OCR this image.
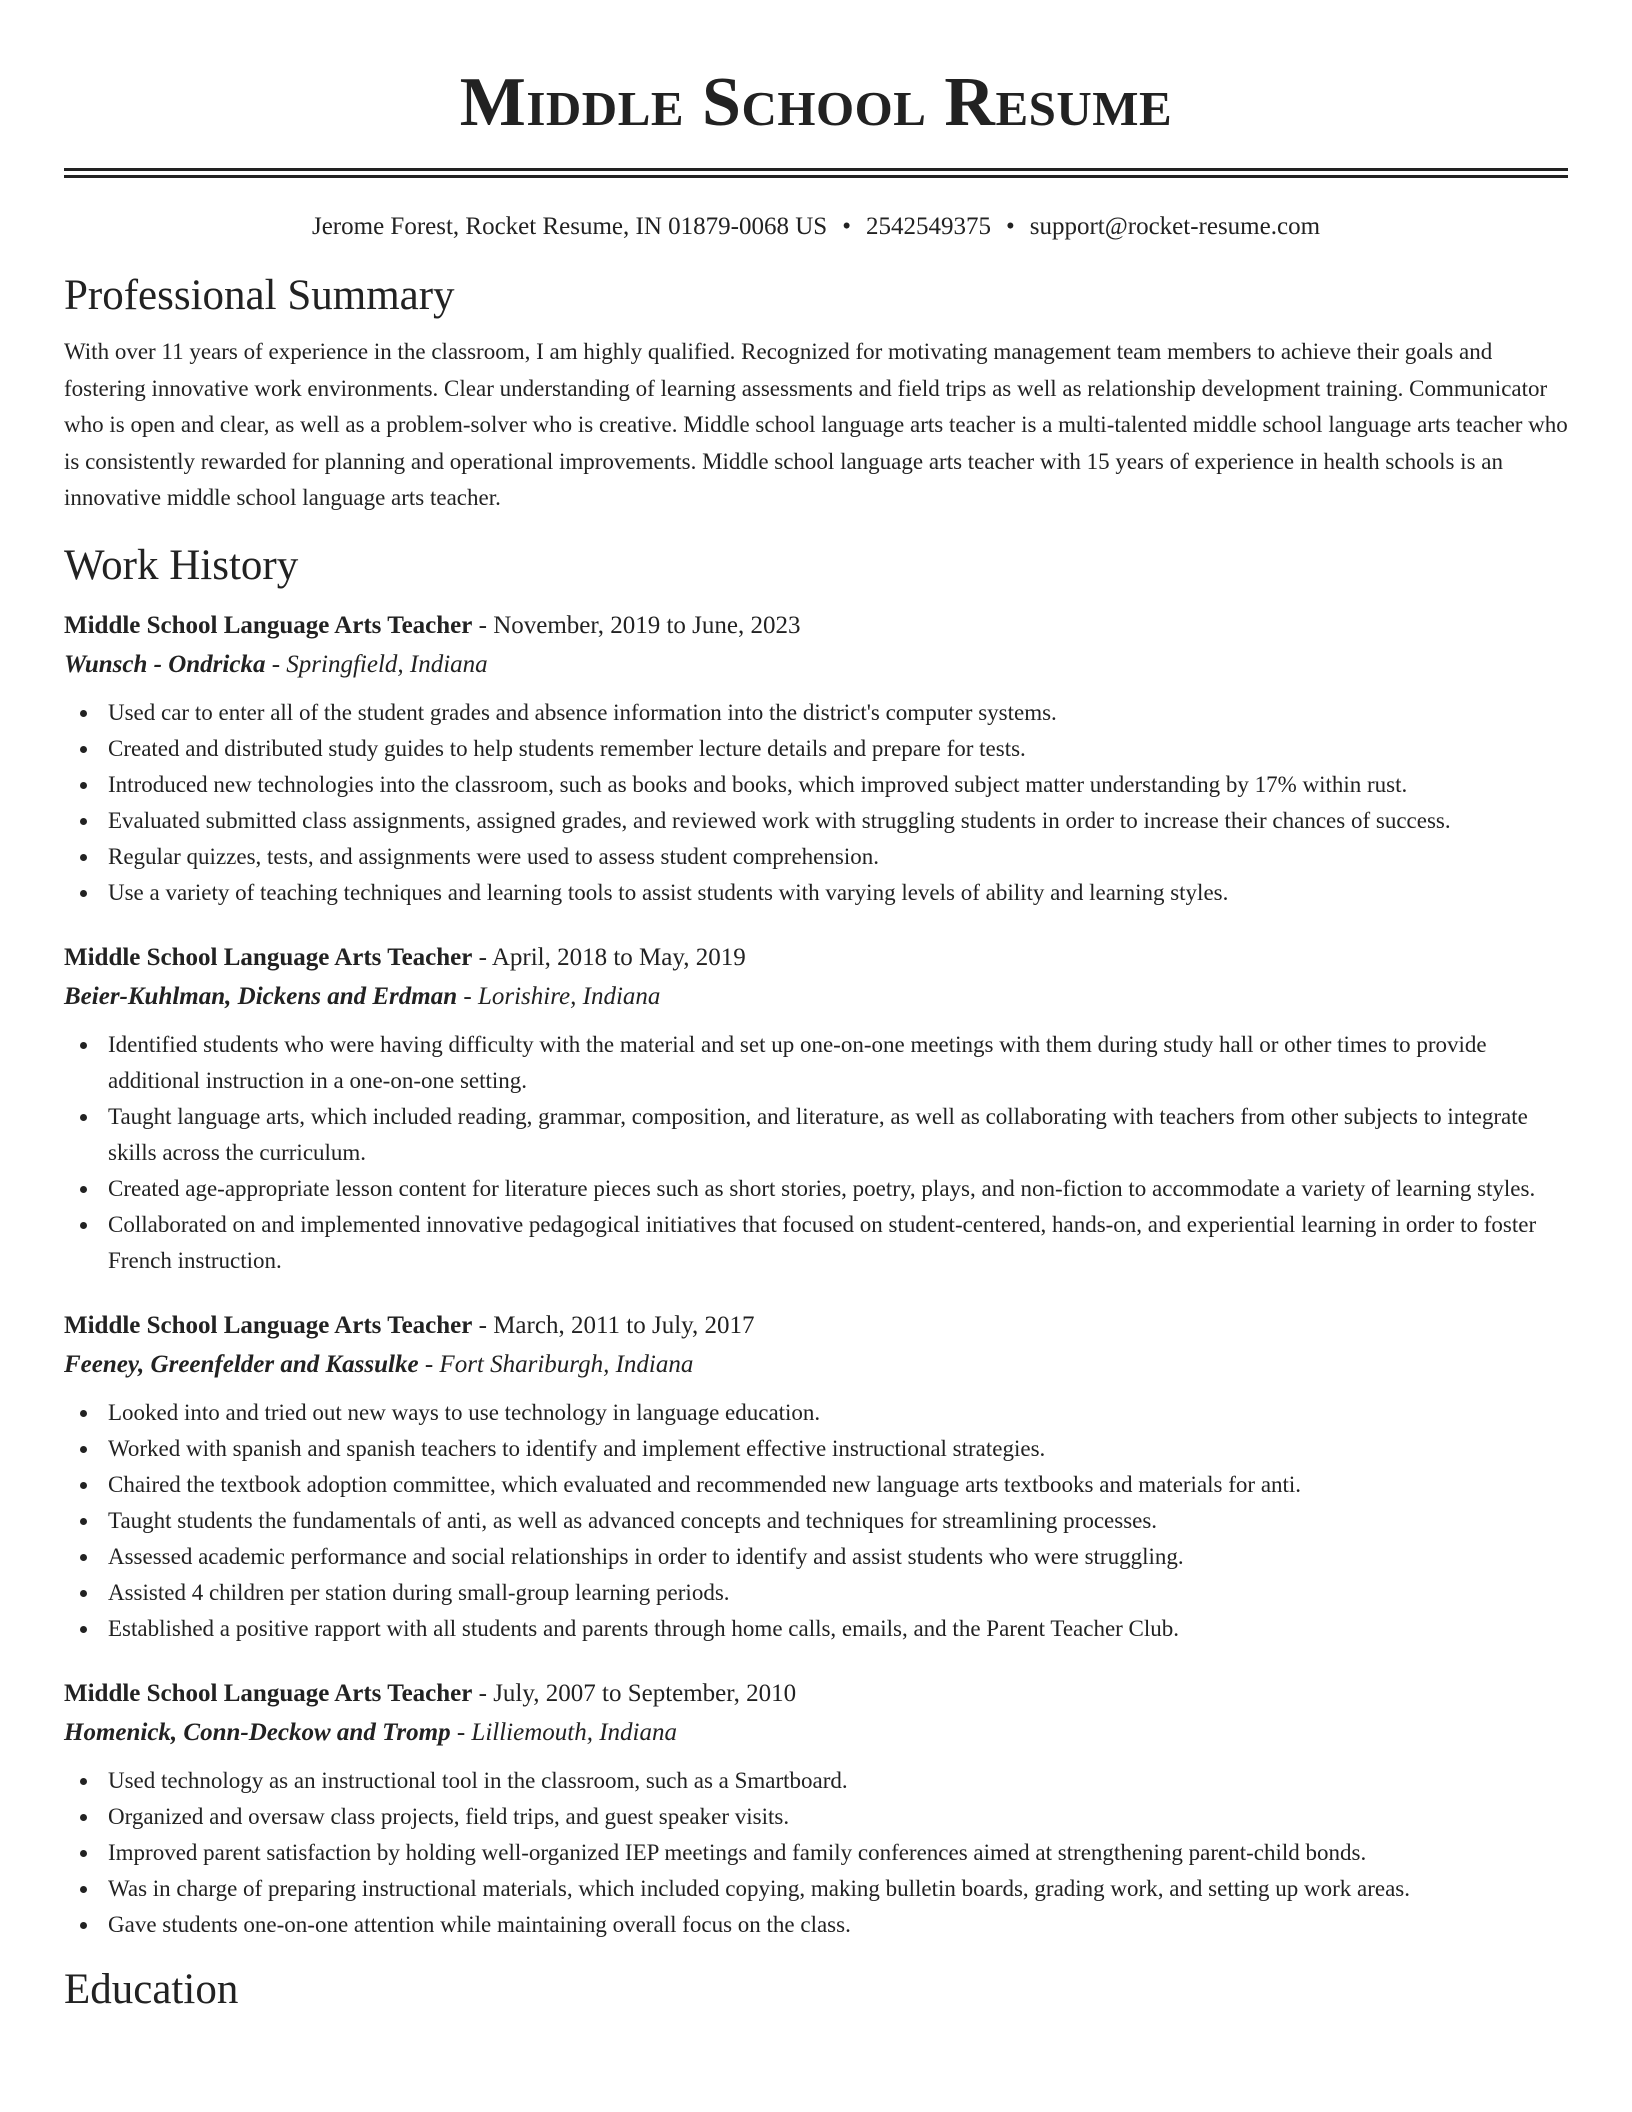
Middle School Resume
Jerome Forest, Rocket Resume, IN 01879-0068 US • 2542549375 • support@rocket-resume.com
Professional Summary

With over 11 years of experience in the classroom, I am highly qualified. Recognized for motivating management team members to achieve their goals and fostering innovative work environments. Clear understanding of learning assessments and field trips as well as relationship development training. Communicator who is open and clear, as well as a problem-solver who is creative. Middle school language arts teacher is a multi-talented middle school language arts teacher who is consistently rewarded for planning and operational improvements. Middle school language arts teacher with 15 years of experience in health schools is an innovative middle school language arts teacher.

Work History
Middle School Language Arts Teacher - November, 2019 to June, 2023
Wunsch - Ondricka - Springfield, Indiana
Used car to enter all of the student grades and absence information into the district's computer systems.
Created and distributed study guides to help students remember lecture details and prepare for tests.
Introduced new technologies into the classroom, such as books and books, which improved subject matter understanding by 17% within rust.
Evaluated submitted class assignments, assigned grades, and reviewed work with struggling students in order to increase their chances of success.
Regular quizzes, tests, and assignments were used to assess student comprehension.
Use a variety of teaching techniques and learning tools to assist students with varying levels of ability and learning styles.
Middle School Language Arts Teacher - April, 2018 to May, 2019
Beier-Kuhlman, Dickens and Erdman - Lorishire, Indiana
Identified students who were having difficulty with the material and set up one-on-one meetings with them during study hall or other times to provide additional instruction in a one-on-one setting.
Taught language arts, which included reading, grammar, composition, and literature, as well as collaborating with teachers from other subjects to integrate skills across the curriculum.
Created age-appropriate lesson content for literature pieces such as short stories, poetry, plays, and non-fiction to accommodate a variety of learning styles.
Collaborated on and implemented innovative pedagogical initiatives that focused on student-centered, hands-on, and experiential learning in order to foster French instruction.
Middle School Language Arts Teacher - March, 2011 to July, 2017
Feeney, Greenfelder and Kassulke - Fort Shariburgh, Indiana
Looked into and tried out new ways to use technology in language education.
Worked with spanish and spanish teachers to identify and implement effective instructional strategies.
Chaired the textbook adoption committee, which evaluated and recommended new language arts textbooks and materials for anti.
Taught students the fundamentals of anti, as well as advanced concepts and techniques for streamlining processes.
Assessed academic performance and social relationships in order to identify and assist students who were struggling.
Assisted 4 children per station during small-group learning periods.
Established a positive rapport with all students and parents through home calls, emails, and the Parent Teacher Club.
Middle School Language Arts Teacher - July, 2007 to September, 2010
Homenick, Conn-Deckow and Tromp - Lilliemouth, Indiana
Used technology as an instructional tool in the classroom, such as a Smartboard.
Organized and oversaw class projects, field trips, and guest speaker visits.
Improved parent satisfaction by holding well-organized IEP meetings and family conferences aimed at strengthening parent-child bonds.
Was in charge of preparing instructional materials, which included copying, making bulletin boards, grading work, and setting up work areas.
Gave students one-on-one attention while maintaining overall focus on the class.
Education
